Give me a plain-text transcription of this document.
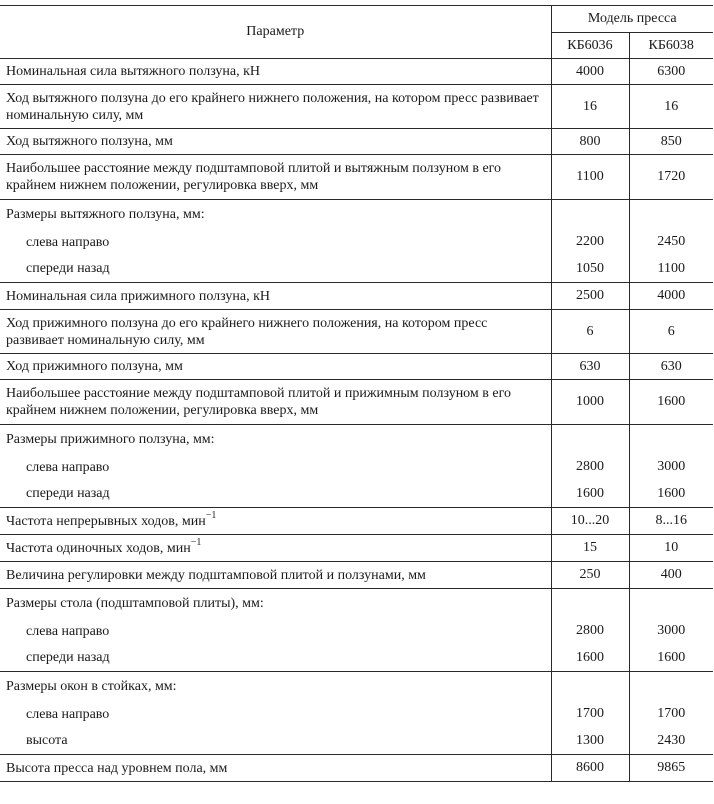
Параметр	Модель пресса	
	КБ6036	КБ6038
Номинальная сила вытяжного ползуна, кН	4000	6300
Ход вытяжного ползуна до его крайнего нижнего положения, на котором пресс развивает номинальную силу, мм	16	16
Ход вытяжного ползуна, мм	800	850
Наибольшее расстояние между подштамповой плитой и вытяжным ползуном в его крайнем нижнем положении, регулировка вверх, мм	1100	1720
Размеры вытяжного ползуна, мм:		
слева направо	2200	2450
спереди назад	1050	1100
Номинальная сила прижимного ползуна, кН	2500	4000
Ход прижимного ползуна до его крайнего нижнего положения, на котором пресс развивает номинальную силу, мм	6	6
Ход прижимного ползуна, мм	630	630
Наибольшее расстояние между подштамповой плитой и прижимным ползуном в его крайнем нижнем положении, регулировка вверх, мм	1000	1600
Размеры прижимного ползуна, мм:		
слева направо	2800	3000
спереди назад	1600	1600
Частота непрерывных ходов, мин$^{-1}$	10...20	8...16
Частота одиночных ходов, мин$^{-1}$	15	10
Величина регулировки между подштамповой плитой и ползунами, мм	250	400
Размеры стола (подштамповой плиты), мм:		
слева направо	2800	3000
спереди назад	1600	1600
Размеры окон в стойках, мм:		
слева направо	1700	1700
высота	1300	2430
Высота пресса над уровнем пола, мм	8600	9865
